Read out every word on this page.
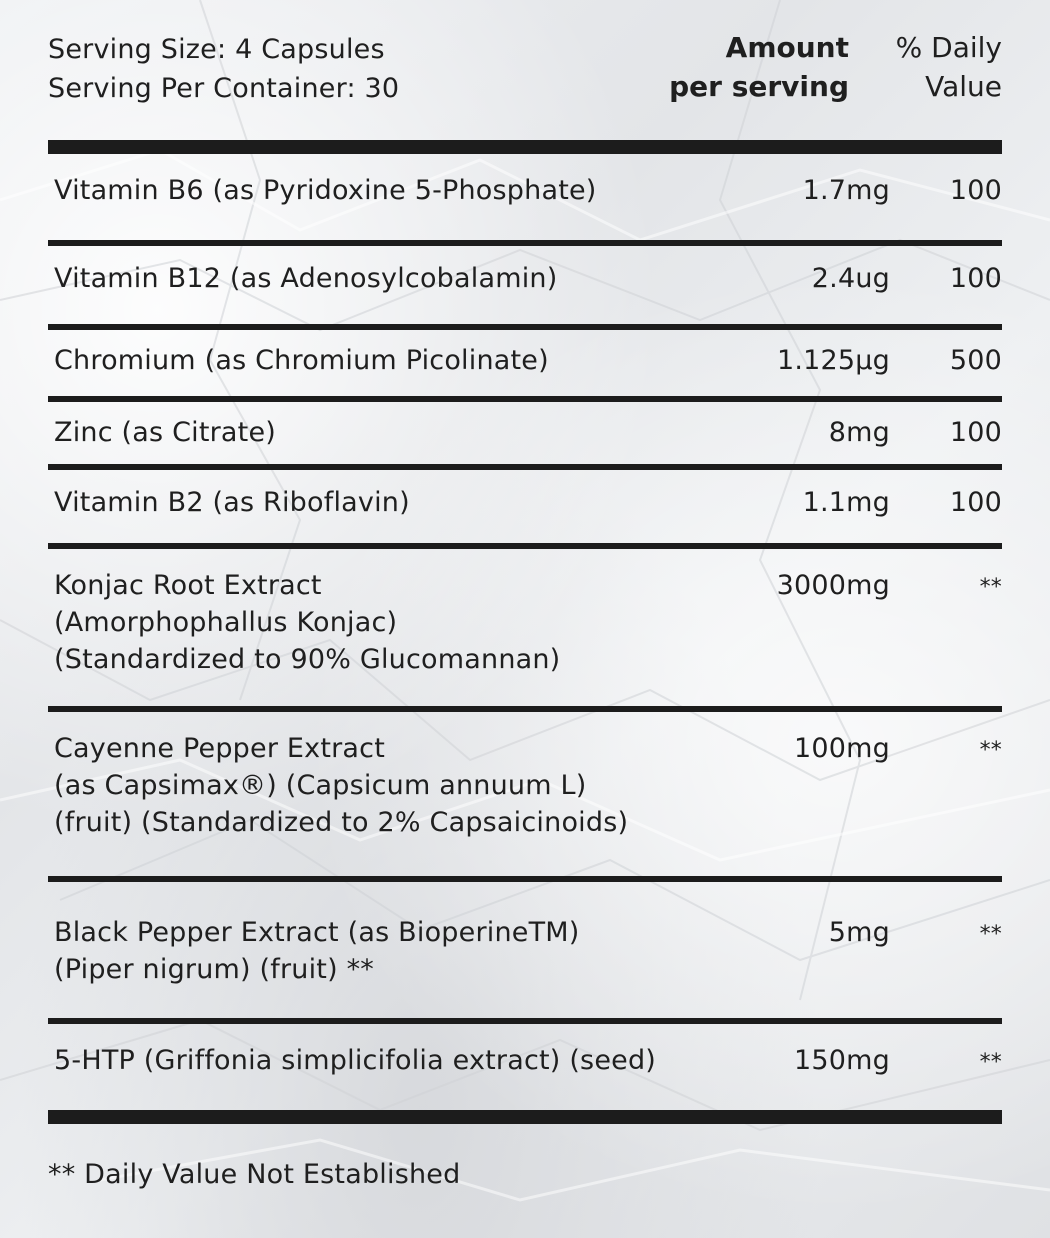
Serving Size: 4 Capsules
Serving Per Container: 30
Amount
per serving
% Daily
Value
Vitamin B6 (as Pyridoxine 5-Phosphate)	1.7mg 100
Vitamin B12 (as Adenosylcobalamin)	2.4ug 100
Chromium (as Chromium Picolinate)	1.125µg 500
Zinc (as Citrate)	8mg 100
Vitamin B2 (as Riboflavin)	1.1mg 100
Konjac Root Extract
(Amorphophallus Konjac)
(Standardized to 90% Glucomannan)
3000mg	**
Cayenne Pepper Extract
(as Capsimax®) (Capsicum annuum L)
(fruit) (Standardized to 2% Capsaicinoids)
100mg	**
Black Pepper Extract (as BioperineTM)
(Piper nigrum) (fruit) **
5mg	**
5-HTP (Griffonia simplicifolia extract) (seed)	150mg	**
** Daily Value Not Established
